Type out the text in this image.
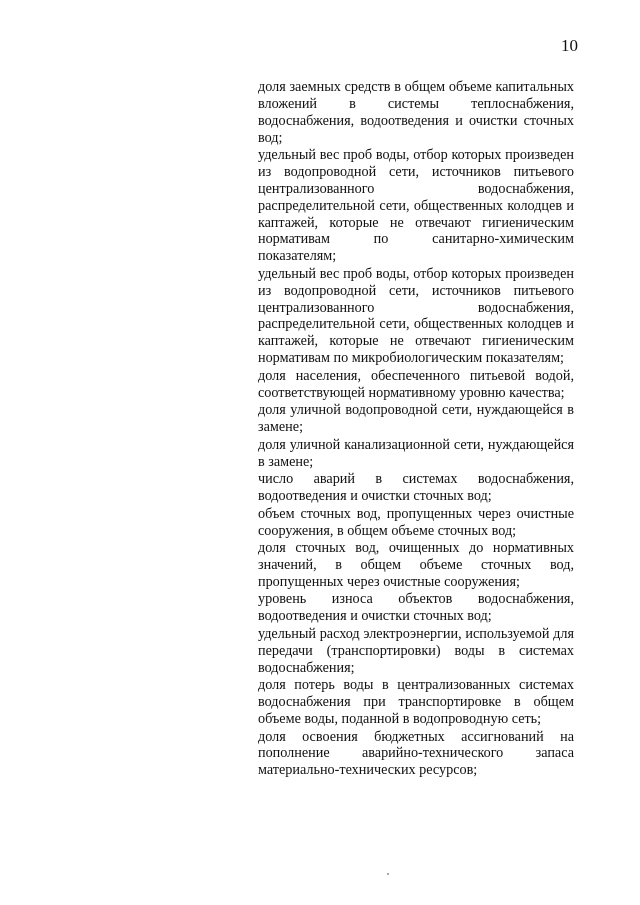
10

доля заемных средств в общем объеме капитальных вложений в системы теплоснабжения, водоснабжения, водоотведения и очистки сточных вод;

удельный вес проб воды, отбор которых произведен из водопроводной сети, источников питьевого централизованного водоснабжения, распределительной сети, общественных колодцев и каптажей, которые не отвечают гигиеническим нормативам по санитарно-химическим показателям;

удельный вес проб воды, отбор которых произведен из водопроводной сети, источников питьевого централизованного водоснабжения, распределительной сети, общественных колодцев и каптажей, которые не отвечают гигиеническим нормативам по микробиологическим показателям;

доля населения, обеспеченного питьевой водой, соответствующей нормативному уровню качества;

доля уличной водопроводной сети, нуждающейся в замене;

доля уличной канализационной сети, нуждающейся в замене;

число аварий в системах водоснабжения, водоотведения и очистки сточных вод;

объем сточных вод, пропущенных через очистные сооружения, в общем объеме сточных вод;

доля сточных вод, очищенных до нормативных значений, в общем объеме сточных вод, пропущенных через очистные сооружения;

уровень износа объектов водоснабжения, водоотведения и очистки сточных вод;

удельный расход электроэнергии, используемой для передачи (транспортировки) воды в системах водоснабжения;

доля потерь воды в централизованных системах водоснабжения при транспортировке в общем объеме воды, поданной в водопроводную сеть;

доля освоения бюджетных ассигнований на пополнение аварийно-технического запаса материально-технических ресурсов;
